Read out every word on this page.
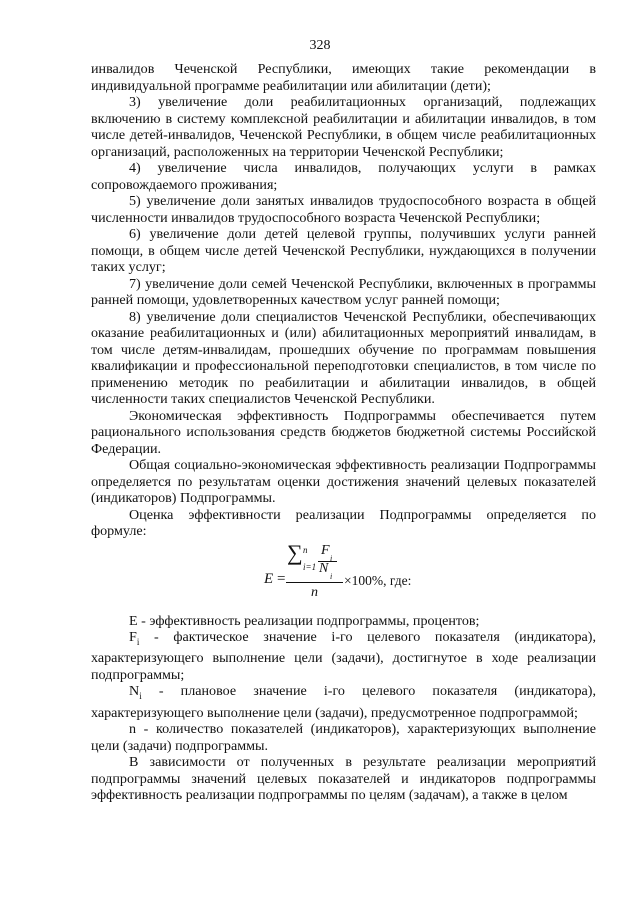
328

инвалидов Чеченской Республики, имеющих такие рекомендации в индивидуальной программе реабилитации или абилитации (дети);

3) увеличение доли реабилитационных организаций, подлежащих включению в систему комплексной реабилитации и абилитации инвалидов, в том числе детей-инвалидов, Чеченской Республики, в общем числе реабилитационных организаций, расположенных на территории Чеченской Республики;

4) увеличение числа инвалидов, получающих услуги в рамках сопровождаемого проживания;

5) увеличение доли занятых инвалидов трудоспособного возраста в общей численности инвалидов трудоспособного возраста Чеченской Республики;

6) увеличение доли детей целевой группы, получивших услуги ранней помощи, в общем числе детей Чеченской Республики, нуждающихся в получении таких услуг;

7) увеличение доли семей Чеченской Республики, включенных в программы ранней помощи, удовлетворенных качеством услуг ранней помощи;

8) увеличение доли специалистов Чеченской Республики, обеспечивающих оказание реабилитационных и (или) абилитационных мероприятий инвалидам, в том числе детям-инвалидам, прошедших обучение по программам повышения квалификации и профессиональной переподготовки специалистов, в том числе по применению методик по реабилитации и абилитации инвалидов, в общей численности таких специалистов Чеченской Республики.

Экономическая эффективность Подпрограммы обеспечивается путем рационального использования средств бюджетов бюджетной системы Российской Федерации.

Общая социально-экономическая эффективность реализации Подпрограммы определяется по результатам оценки достижения значений целевых показателей (индикаторов) Подпрограммы.

Оценка эффективности реализации Подпрограммы определяется по формуле:

E =
∑ n
i=1
F
i
N
i
n
×100%, где:

E - эффективность реализации подпрограммы, процентов;

$F_i$ - фактическое значение i-го целевого показателя (индикатора), характеризующего выполнение цели (задачи), достигнутое в ходе реализации подпрограммы;

$N_i$ - плановое значение i-го целевого показателя (индикатора), характеризующего выполнение цели (задачи), предусмотренное подпрограммой;

n - количество показателей (индикаторов), характеризующих выполнение цели (задачи) подпрограммы.

В зависимости от полученных в результате реализации мероприятий подпрограммы значений целевых показателей и индикаторов подпрограммы эффективность реализации подпрограммы по целям (задачам), а также в целом
